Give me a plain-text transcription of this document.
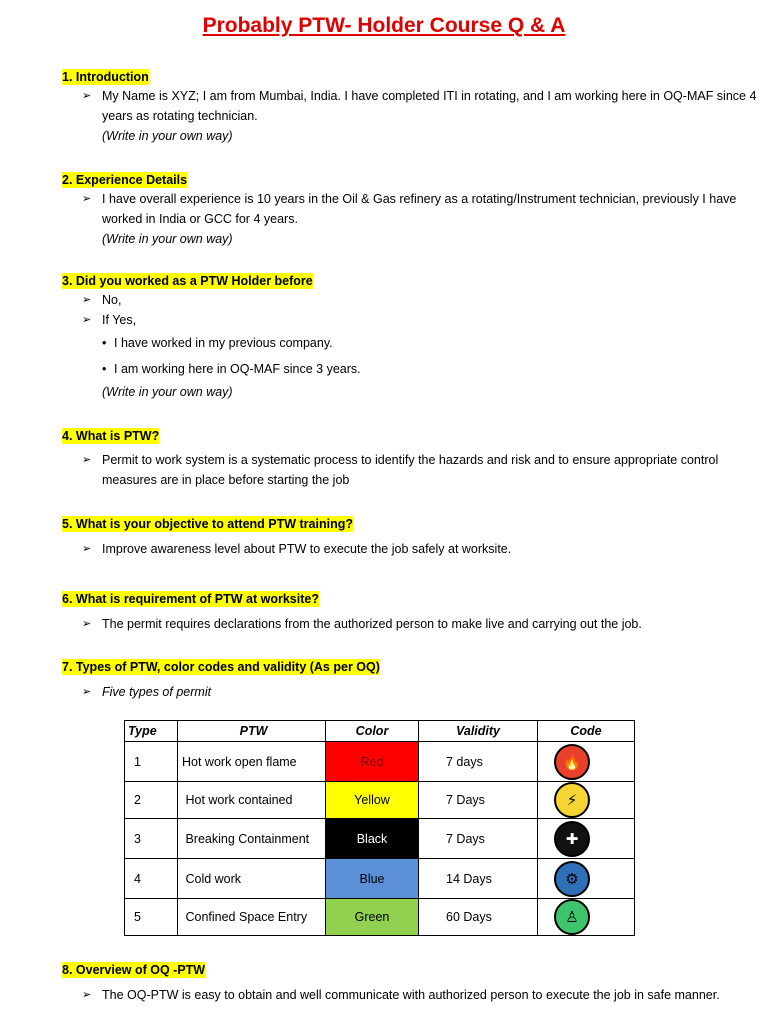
Probably PTW- Holder Course Q & A
1. Introduction
➢ My Name is XYZ; I am from Mumbai, India. I have completed ITI in rotating, and I am working here in OQ-MAF since 4
years as rotating technician.
(Write in your own way)
2. Experience Details
➢ I have overall experience is 10 years in the Oil & Gas refinery as a rotating/Instrument technician, previously I have
worked in India or GCC for 4 years.
(Write in your own way)
3. Did you worked as a PTW Holder before
➢ No,
➢ If Yes,
• I have worked in my previous company.
• I am working here in OQ-MAF since 3 years.
(Write in your own way)
4. What is PTW?
➢ Permit to work system is a systematic process to identify the hazards and risk and to ensure appropriate control
measures are in place before starting the job
5. What is your objective to attend PTW training?
➢ Improve awareness level about PTW to execute the job safely at worksite.
6. What is requirement of PTW at worksite?
➢ The permit requires declarations from the authorized person to make live and carrying out the job.
7. Types of PTW, color codes and validity (As per OQ)
➢ Five types of permit
Type	PTW	Color	Validity	Code
1	Hot work open flame	Red	7 days	🔥

2	Hot work contained	Yellow	7 Days	⚡

3	Breaking Containment	Black	7 Days	✚

4	Cold work	Blue	14 Days	⚙

5	Confined Space Entry	Green	60 Days	♙
8. Overview of OQ -PTW
➢ The OQ-PTW is easy to obtain and well communicate with authorized person to execute the job in safe manner.
